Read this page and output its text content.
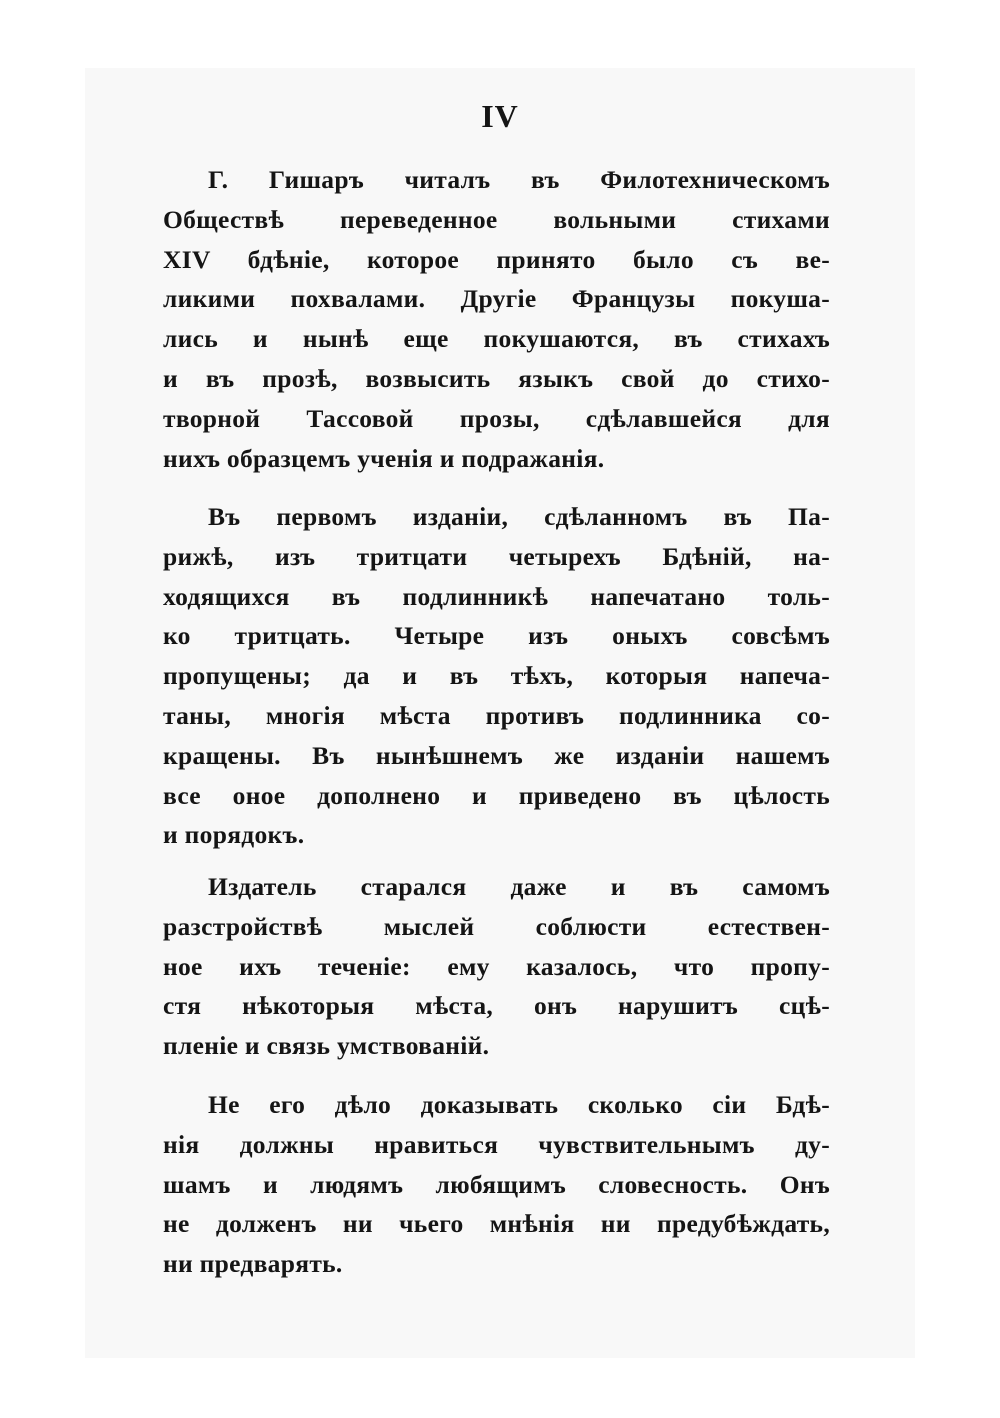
IV
Г. Гишаръ читалъ въ Филотехническомъ
Обществѣ переведенное вольными стихами
XIV бдѣніе, которое принято было съ ве-
ликими похвалами. Другіе Французы покуша-
лись и нынѣ еще покушаются, въ стихахъ
и въ прозѣ, возвысить языкъ свой до стихо-
творной Тассовой прозы, сдѣлавшейся для
нихъ образцемъ ученія и подражанія.
Въ первомъ изданіи, сдѣланномъ въ Па-
рижѣ, изъ тритцати четырехъ Бдѣній, на-
ходящихся въ подлинникѣ напечатано толь-
ко тритцать. Четыре изъ оныхъ совсѣмъ
пропущены; да и въ тѣхъ, которыя напеча-
таны, многія мѣста противъ подлинника со-
кращены. Въ нынѣшнемъ же изданіи нашемъ
все оное дополнено и приведено въ цѣлость
и порядокъ.
Издатель старался даже и въ самомъ
разстройствѣ мыслей соблюсти естествен-
ное ихъ теченіе: ему казалось, что пропу-
стя нѣкоторыя мѣста, онъ нарушитъ сцѣ-
пленіе и связь умствованій.
Не его дѣло доказывать сколько сіи Бдѣ-
нія должны нравиться чувствительнымъ ду-
шамъ и людямъ любящимъ словесность. Онъ
не долженъ ни чьего мнѣнія ни предубѣждать,
ни предварять.
